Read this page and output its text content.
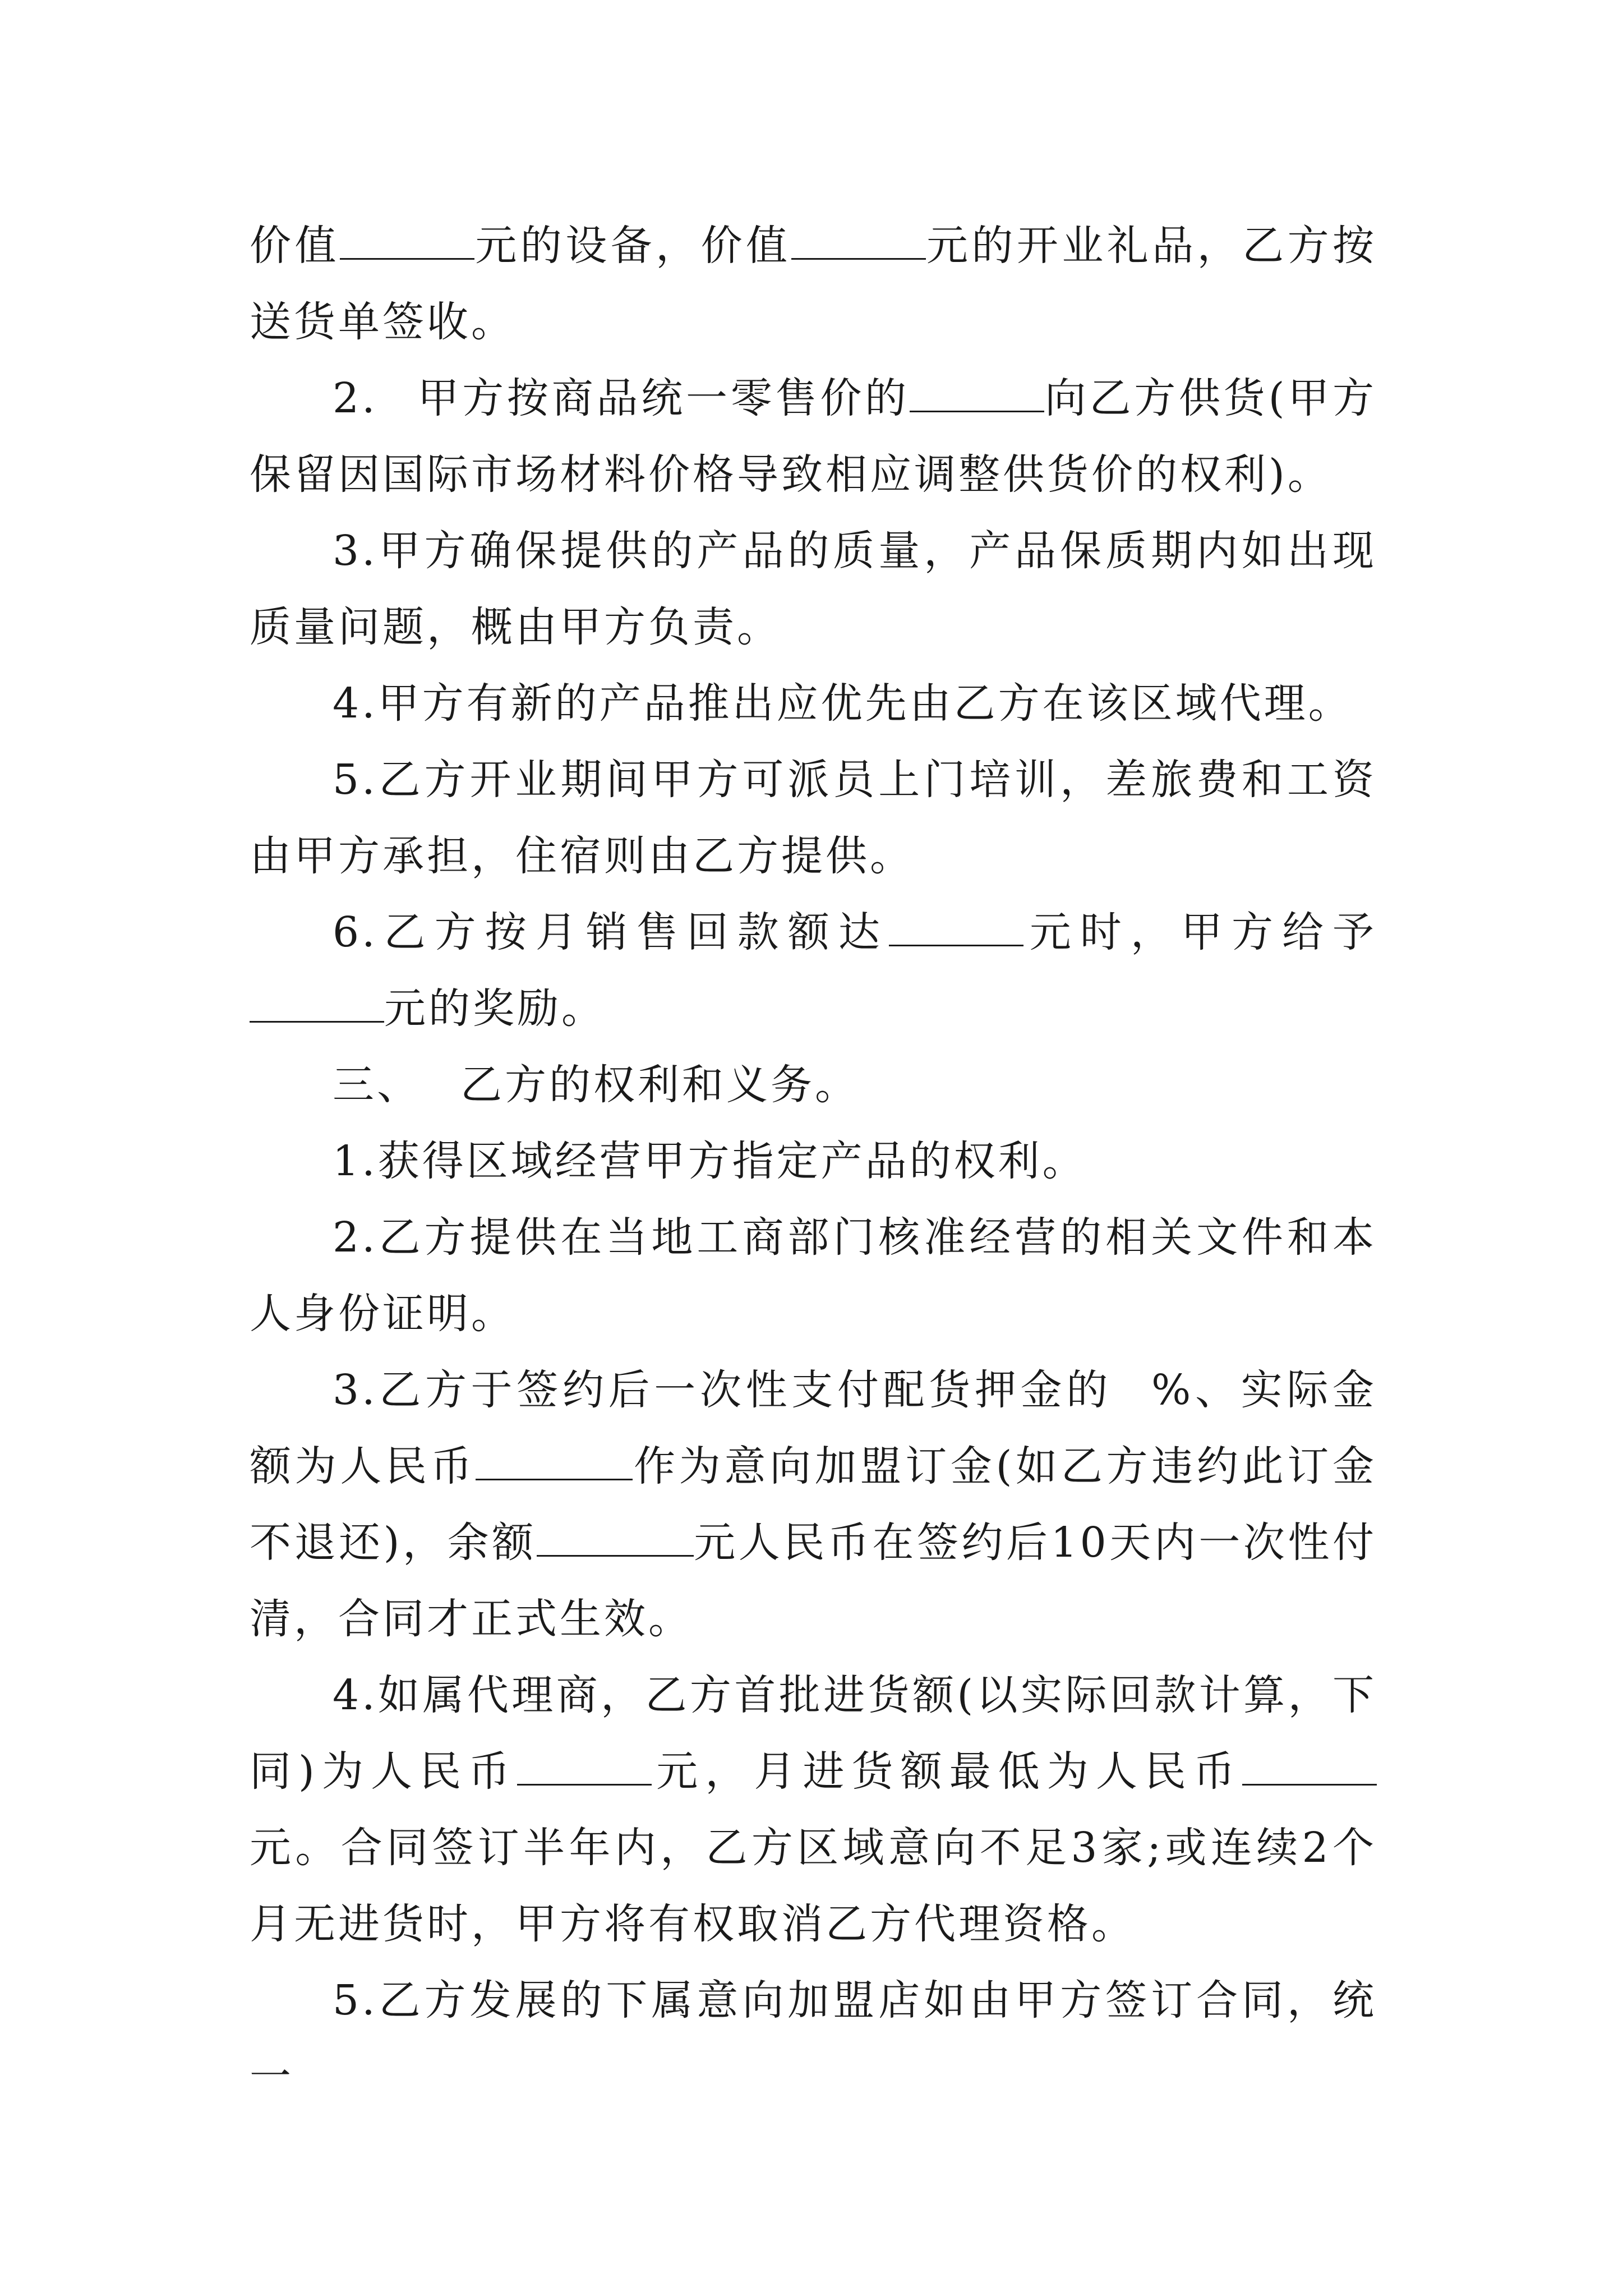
价值	元的设备，价值	元的开业礼品，乙方按送货单签收。

2. 甲方按商品统一零售价的	向乙方供货(甲方保留因国际市场材料价格导致相应调整供货价的权利)。

3.甲方确保提供的产品的质量，产品保质期内如出现质量问题，概由甲方负责。

4.甲方有新的产品推出应优先由乙方在该区域代理。

5.乙方开业期间甲方可派员上门培训，差旅费和工资由甲方承担，住宿则由乙方提供。

6.乙方按月销售回款额达	元时，甲方给予元的奖励。

三、 乙方的权利和义务。

1.获得区域经营甲方指定产品的权利。

2.乙方提供在当地工商部门核准经营的相关文件和本人身份证明。

3.乙方于签约后一次性支付配货押金的 %、实际金额为人民币	作为意向加盟订金(如乙方违约此订金不退还)，余额	元人民币在签约后10天内一次性付清，合同才正式生效。

4.如属代理商，乙方首批进货额(以实际回款计算，下同)为人民币	元，月进货额最低为人民币元。合同签订半年内，乙方区域意向不足3家;或连续2个月无进货时，甲方将有权取消乙方代理资格。

5.乙方发展的下属意向加盟店如由甲方签订合同，统一
